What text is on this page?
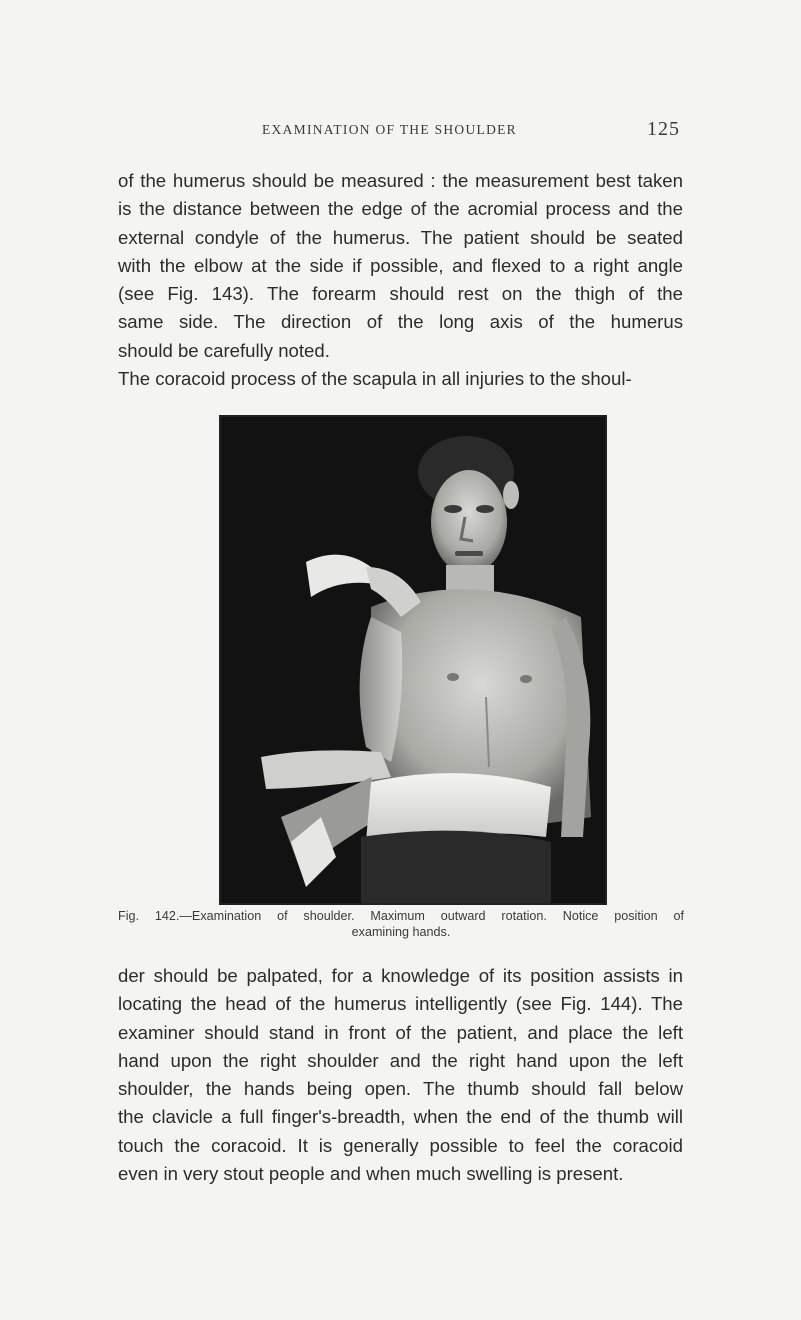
EXAMINATION OF THE SHOULDER	125
of the humerus should be measured : the measurement best taken
is the distance between the edge of the acromial process and the
external condyle of the humerus. The patient should be seated
with the elbow at the side if possible, and flexed to a right angle
(see Fig. 143). The forearm should rest on the thigh of the
same side. The direction of the long axis of the humerus
should be carefully noted.
The coracoid process of the scapula in all injuries to the shoul-
Fig. 142.—Examination of shoulder. Maximum outward rotation. Notice position of
examining hands.
der should be palpated, for a knowledge of its position assists in
locating the head of the humerus intelligently (see Fig. 144). The
examiner should stand in front of the patient, and place the left
hand upon the right shoulder and the right hand upon the left
shoulder, the hands being open. The thumb should fall below
the clavicle a full finger's-breadth, when the end of the thumb will
touch the coracoid. It is generally possible to feel the coracoid
even in very stout people and when much swelling is present.
